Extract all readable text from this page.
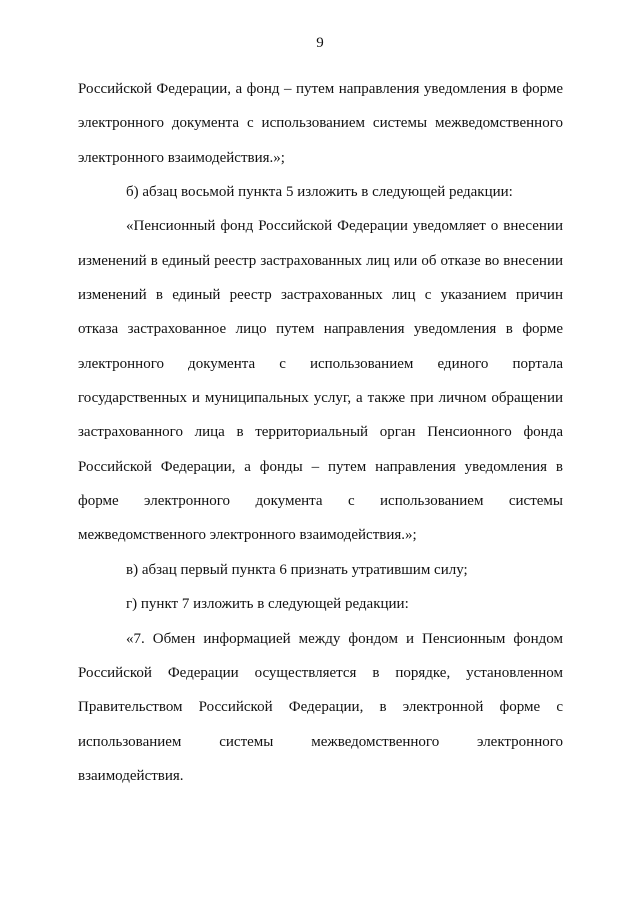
9

Российской Федерации, а фонд – путем направления уведомления в форме
электронного документа с использованием системы межведомственного
электронного взаимодействия.»;

б) абзац восьмой пункта 5 изложить в следующей редакции:

«Пенсионный фонд Российской Федерации уведомляет о внесении
изменений в единый реестр застрахованных лиц или об отказе во внесении
изменений в единый реестр застрахованных лиц с указанием причин
отказа застрахованное лицо путем направления уведомления в форме
электронного документа с использованием единого портала
государственных и муниципальных услуг, а также при личном обращении
застрахованного лица в территориальный орган Пенсионного фонда
Российской Федерации, а фонды – путем направления уведомления в
форме электронного документа с использованием системы
межведомственного электронного взаимодействия.»;

в) абзац первый пункта 6 признать утратившим силу;

г) пункт 7 изложить в следующей редакции:

«7. Обмен информацией между фондом и Пенсионным фондом
Российской Федерации осуществляется в порядке, установленном
Правительством Российской Федерации, в электронной форме с
использованием системы межведомственного электронного
взаимодействия.
